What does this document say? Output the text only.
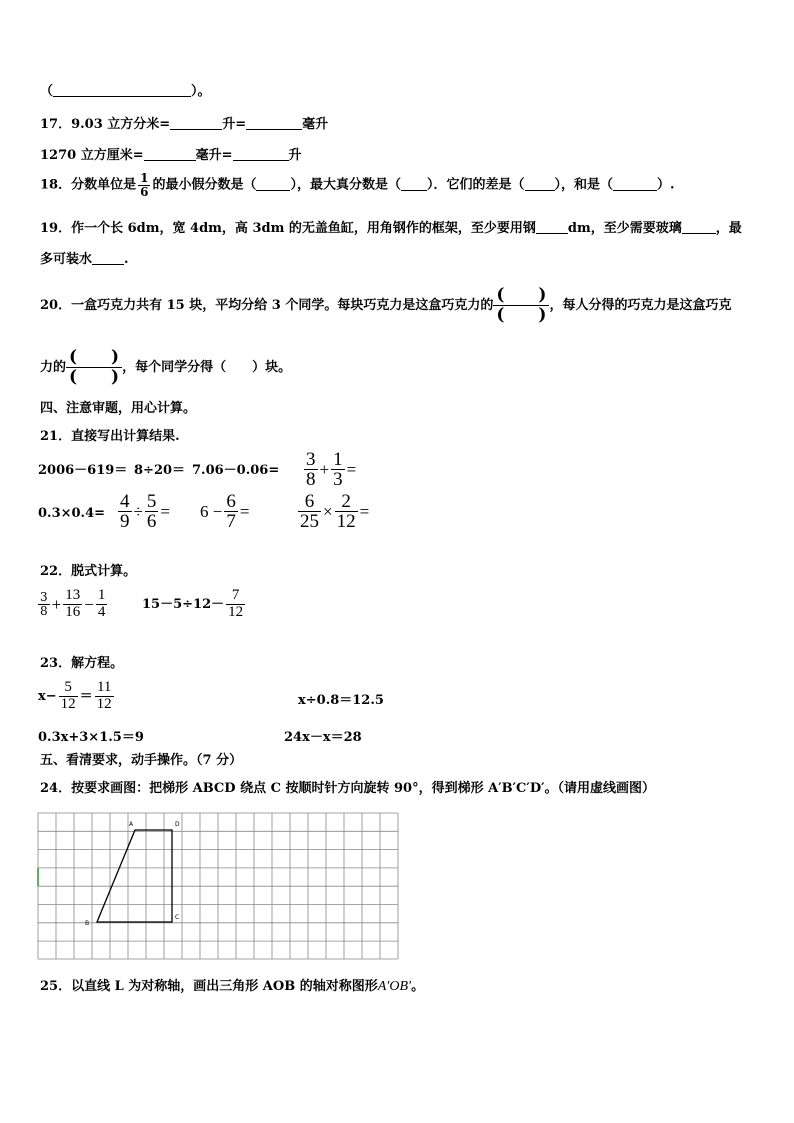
（	）。
17．9.03 立方分米=	升=	毫升
1270 立方厘米=	毫升=	升
18．分数单位是 $\frac{1}{6}$ 的最小假分数是（	），最大真分数是（ ）．它们的差是（ ），和是（	）.
19．作一个长 6dm，宽 4dm，高 3dm 的无盖鱼缸，用角钢作的框架，至少要用钢 dm，至少需要玻璃	，最
多可装水 .
20． 一盒巧克力共有 15 块，平均分给 3 个同学。每块巧克力是这盒巧克力的 $\frac{( )}{( )}$ ，每人分得的巧克力是这盒巧克
力的 $\frac{( )}{( )}$ ，每个同学分得（　　）块。
四、注意审题，用心计算。
21．直接写出计算结果.
$2006-619= 8\div 20= 7.06-0.06= \frac{3}{8} + \frac{1}{3}$ =
$0.3\times 0.4= \frac{4}{9} \div \frac{5}{6} = 6 - \frac{6}{7}$ =	$\frac{6}{25} \times \frac{2}{12}$ =
22．脱式计算。
$\frac{3}{8} + \frac{13}{16} - \frac{1}{4}$	$15-5\div 12- \frac{7}{12}$
23．解方程。
$x- \frac{5}{12} = \frac{11}{12}$	x÷0.8＝12.5
0.3x+3×1.5＝9	24x－x＝28
五、看清要求，动手操作。（7 分）
24．按要求画图：把梯形 ABCD 绕点 C 按顺时针方向旋转 90°，得到梯形 A′B′C′D′。（请用虚线画图）
A	D
B
C
25．以直线 L 为对称轴，画出三角形 AOB 的轴对称图形A′OB′。
